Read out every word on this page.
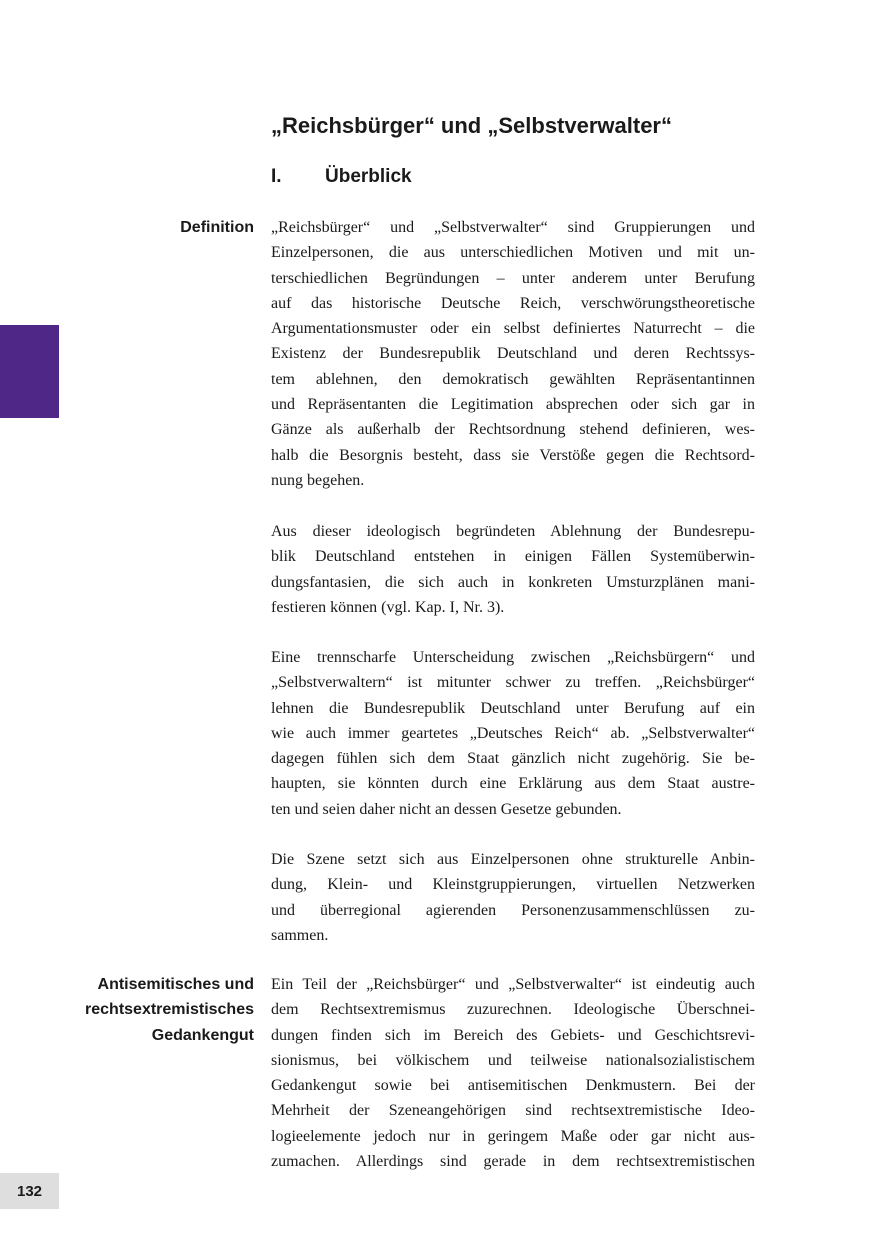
„Reichsbürger“ und „Selbstverwalter“
I. Überblick
Definition
Antisemitisches und
rechtsextremistisches
Gedankengut
„Reichsbürger“ und „Selbstverwalter“ sind Gruppierungen und
Einzelpersonen, die aus unterschiedlichen Motiven und mit un-
terschiedlichen Begründungen – unter anderem unter Berufung
auf das historische Deutsche Reich, verschwörungstheoretische
Argumentationsmuster oder ein selbst definiertes Naturrecht – die
Existenz der Bundesrepublik Deutschland und deren Rechtssys-
tem ablehnen, den demokratisch gewählten Repräsentantinnen
und Repräsentanten die Legitimation absprechen oder sich gar in
Gänze als außerhalb der Rechtsordnung stehend definieren, wes-
halb die Besorgnis besteht, dass sie Verstöße gegen die Rechtsord-
nung begehen.
Aus dieser ideologisch begründeten Ablehnung der Bundesrepu-
blik Deutschland entstehen in einigen Fällen Systemüberwin-
dungsfantasien, die sich auch in konkreten Umsturzplänen mani-
festieren können (vgl. Kap. I, Nr. 3).
Eine trennscharfe Unterscheidung zwischen „Reichsbürgern“ und
„Selbstverwaltern“ ist mitunter schwer zu treffen. „Reichsbürger“
lehnen die Bundesrepublik Deutschland unter Berufung auf ein
wie auch immer geartetes „Deutsches Reich“ ab. „Selbstverwalter“
dagegen fühlen sich dem Staat gänzlich nicht zugehörig. Sie be-
haupten, sie könnten durch eine Erklärung aus dem Staat austre-
ten und seien daher nicht an dessen Gesetze gebunden.
Die Szene setzt sich aus Einzelpersonen ohne strukturelle Anbin-
dung, Klein- und Kleinstgruppierungen, virtuellen Netzwerken
und überregional agierenden Personenzusammenschlüssen zu-
sammen.
Ein Teil der „Reichsbürger“ und „Selbstverwalter“ ist eindeutig auch
dem Rechtsextremismus zuzurechnen. Ideologische Überschnei-
dungen finden sich im Bereich des Gebiets- und Geschichtsrevi-
sionismus, bei völkischem und teilweise nationalsozialistischem
Gedankengut sowie bei antisemitischen Denkmustern. Bei der
Mehrheit der Szeneangehörigen sind rechtsextremistische Ideo-
logieelemente jedoch nur in geringem Maße oder gar nicht aus-
zumachen. Allerdings sind gerade in dem rechtsextremistischen
132
